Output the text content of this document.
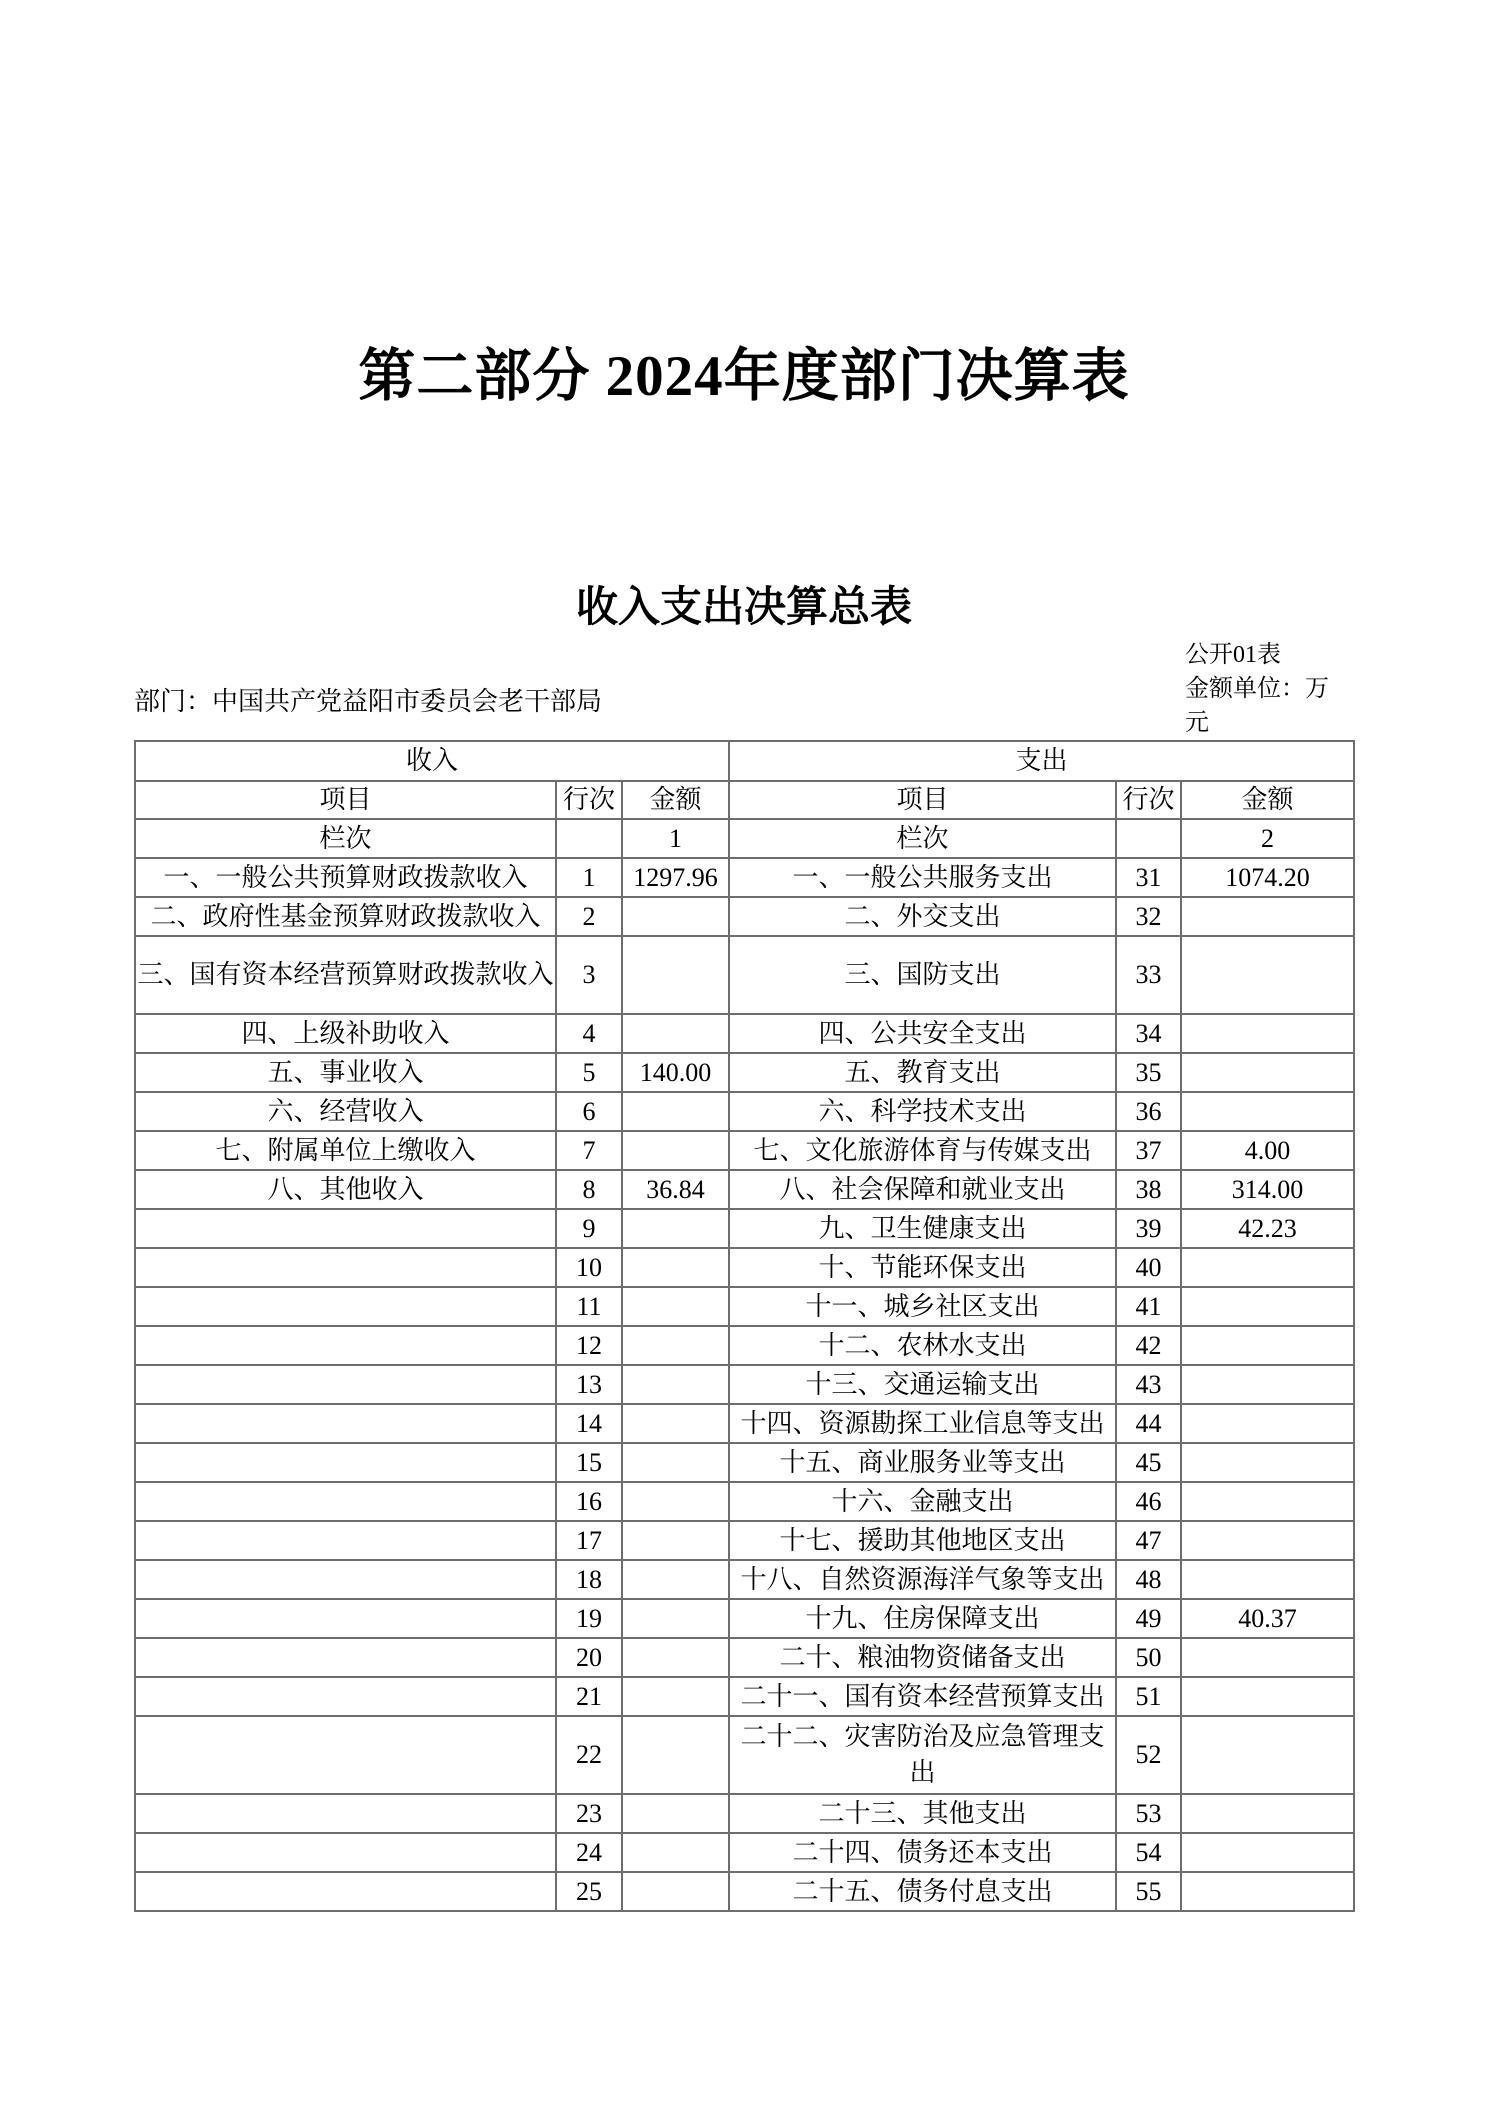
第二部分 2024年度部门决算表
收入支出决算总表
公开01表
金额单位：万元
部门：中国共产党益阳市委员会老干部局
收入			支出		
项目	行次	金额	项目	行次	金额
栏次		1	栏次		2
一、一般公共预算财政拨款收入	1	1297.96	一、一般公共服务支出	31	1074.20
二、政府性基金预算财政拨款收入	2		二、外交支出	32	
三、国有资本经营预算财政拨款收入	3		三、国防支出	33	
四、上级补助收入	4		四、公共安全支出	34	
五、事业收入	5	140.00	五、教育支出	35	
六、经营收入	6		六、科学技术支出	36	
七、附属单位上缴收入	7		七、文化旅游体育与传媒支出	37	4.00
八、其他收入	8	36.84	八、社会保障和就业支出	38	314.00
	9		九、卫生健康支出	39	42.23
	10		十、节能环保支出	40	
	11		十一、城乡社区支出	41	
	12		十二、农林水支出	42	
	13		十三、交通运输支出	43	
	14		十四、资源勘探工业信息等支出	44	
	15		十五、商业服务业等支出	45	
	16		十六、金融支出	46	
	17		十七、援助其他地区支出	47	
	18		十八、自然资源海洋气象等支出	48	
	19		十九、住房保障支出	49	40.37
	20		二十、粮油物资储备支出	50	
	21		二十一、国有资本经营预算支出	51	
	22		二十二、灾害防治及应急管理支出	52	
	23		二十三、其他支出	53	
	24		二十四、债务还本支出	54	
	25		二十五、债务付息支出	55	
